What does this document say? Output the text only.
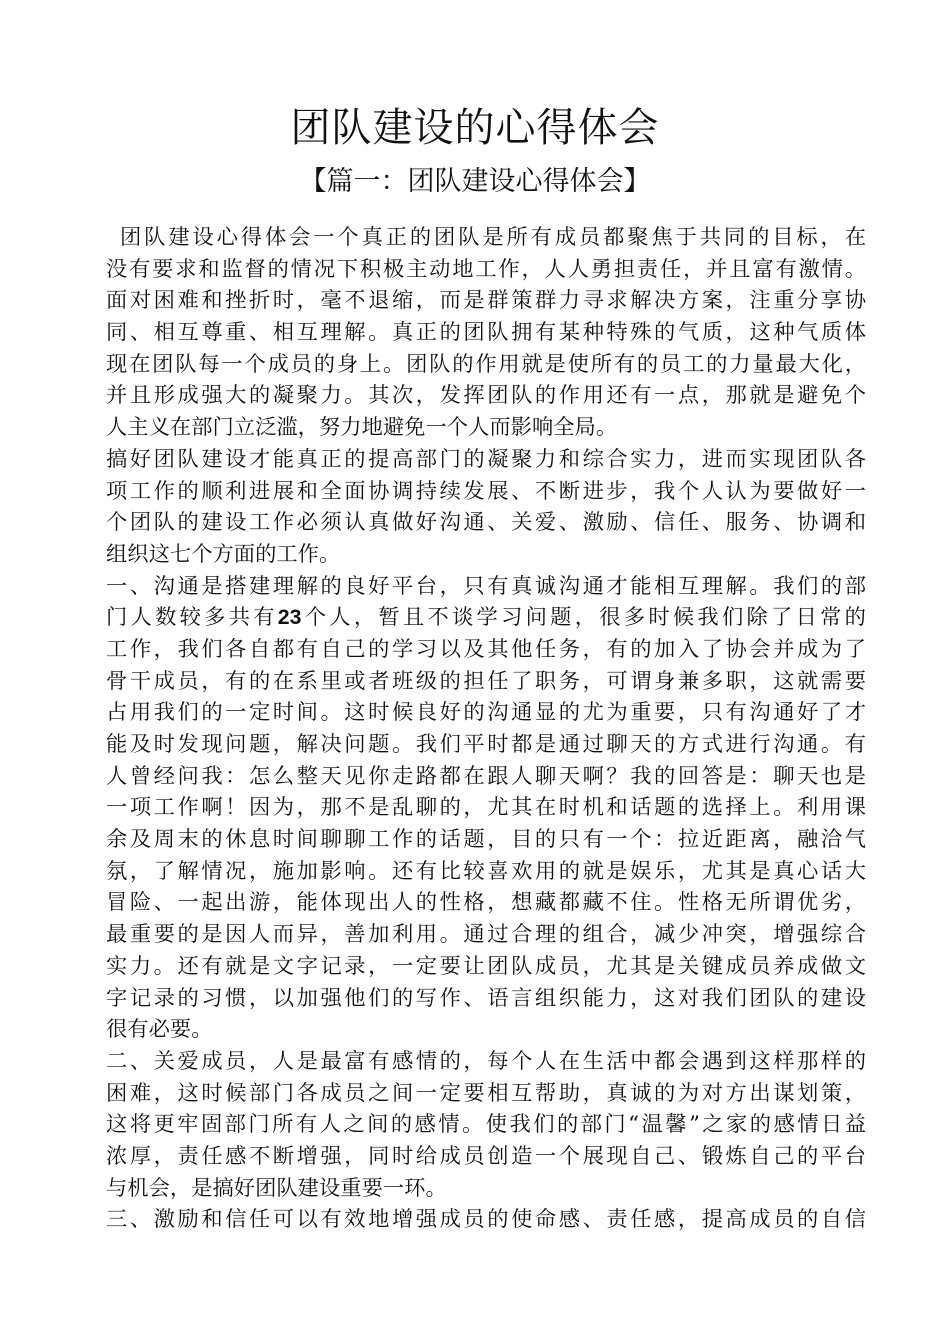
团队建设的心得体会
【篇一：团队建设心得体会】
团队建设心得体会一个真正的团队是所有成员都聚焦于共同的目标，在
没有要求和监督的情况下积极主动地工作，人人勇担责任，并且富有激情。
面对困难和挫折时，毫不退缩，而是群策群力寻求解决方案，注重分享协
同、相互尊重、相互理解。真正的团队拥有某种特殊的气质，这种气质体
现在团队每一个成员的身上。团队的作用就是使所有的员工的力量最大化，
并且形成强大的凝聚力。其次，发挥团队的作用还有一点，那就是避免个
人主义在部门立泛滥，努力地避免一个人而影响全局。
搞好团队建设才能真正的提高部门的凝聚力和综合实力，进而实现团队各
项工作的顺利进展和全面协调持续发展、不断进步，我个人认为要做好一
个团队的建设工作必须认真做好沟通、关爱、激励、信任、服务、协调和
组织这七个方面的工作。
一、沟通是搭建理解的良好平台，只有真诚沟通才能相互理解。我们的部
门人数较多共有23个人，暂且不谈学习问题，很多时候我们除了日常的
工作，我们各自都有自己的学习以及其他任务，有的加入了协会并成为了
骨干成员，有的在系里或者班级的担任了职务，可谓身兼多职，这就需要
占用我们的一定时间。这时候良好的沟通显的尤为重要，只有沟通好了才
能及时发现问题，解决问题。我们平时都是通过聊天的方式进行沟通。有
人曾经问我：怎么整天见你走路都在跟人聊天啊？我的回答是：聊天也是
一项工作啊！因为，那不是乱聊的，尤其在时机和话题的选择上。利用课
余及周末的休息时间聊聊工作的话题，目的只有一个：拉近距离，融洽气
氛，了解情况，施加影响。还有比较喜欢用的就是娱乐，尤其是真心话大
冒险、一起出游，能体现出人的性格，想藏都藏不住。性格无所谓优劣，
最重要的是因人而异，善加利用。通过合理的组合，减少冲突，增强综合
实力。还有就是文字记录，一定要让团队成员，尤其是关键成员养成做文
字记录的习惯，以加强他们的写作、语言组织能力，这对我们团队的建设
很有必要。
二、关爱成员，人是最富有感情的，每个人在生活中都会遇到这样那样的
困难，这时候部门各成员之间一定要相互帮助，真诚的为对方出谋划策，
这将更牢固部门所有人之间的感情。使我们的部门“温馨”之家的感情日益
浓厚，责任感不断增强，同时给成员创造一个展现自己、锻炼自己的平台
与机会，是搞好团队建设重要一环。
三、激励和信任可以有效地增强成员的使命感、责任感，提高成员的自信
